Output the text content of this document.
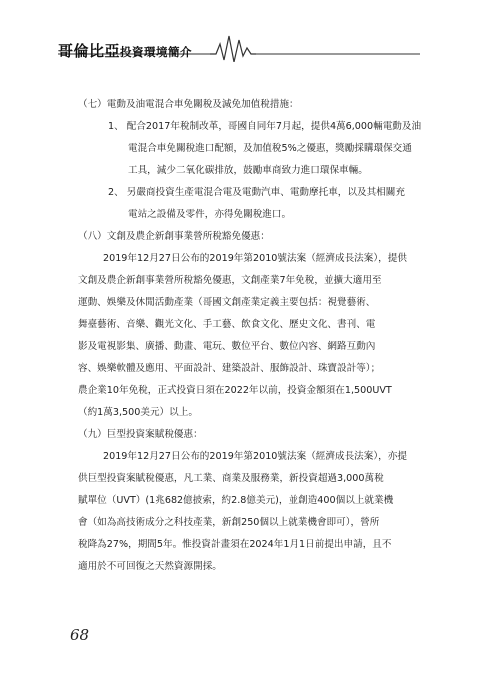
哥倫比亞投資環境簡介
（七）電動及油電混合車免關稅及減免加值稅措施：
1、 配合2017年稅制改革，哥國自同年7月起，提供4萬6,000輛電動及油
電混合車免關稅進口配額，及加值稅5%之優惠，獎勵採購環保交通
工具，減少二氧化碳排放，鼓勵車商致力進口環保車輛。
2、 另嚴商投資生產電混合電及電動汽車、電動摩托車，以及其相關充
電站之設備及零件，亦得免關稅進口。
（八）文創及農企新創事業營所稅豁免優惠：
2019年12月27日公布的2019年第2010號法案（經濟成長法案），提供
文創及農企新創事業營所稅豁免優惠，文創產業7年免稅，並擴大適用至
運動、娛樂及休閒活動產業（哥國文創產業定義主要包括：視覺藝術、
舞臺藝術、音樂、觀光文化、手工藝、飲食文化、歷史文化、書刊、電
影及電視影集、廣播、動畫、電玩、數位平台、數位內容、網路互動內
容、娛樂軟體及應用、平面設計、建築設計、服飾設計、珠寶設計等）；
農企業10年免稅，正式投資日須在2022年以前，投資金額須在1,500UVT
（約1萬3,500美元）以上。
（九）巨型投資案賦稅優惠：
2019年12月27日公布的2019年第2010號法案（經濟成長法案），亦提
供巨型投資案賦稅優惠，凡工業、商業及服務業，新投資超過3,000萬稅
賦單位（UVT）(1兆682億披索，約2.8億美元)，並創造400個以上就業機
會（如為高技術成分之科技產業，新創250個以上就業機會即可），營所
稅降為27%，期間5年。惟投資計畫須在2024年1月1日前提出申請，且不
適用於不可回復之天然資源開採。
68
